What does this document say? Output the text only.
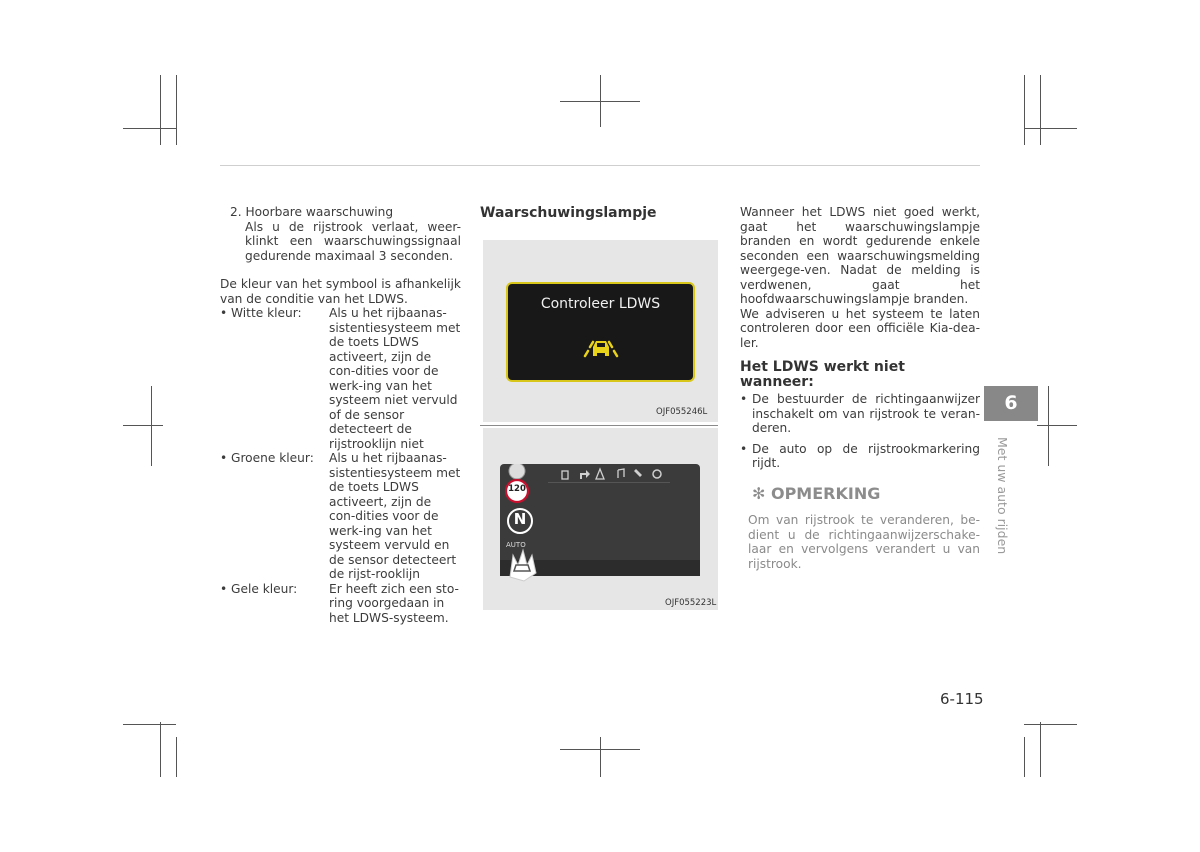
2. Hoorbare waarschuwing
Als u de rijstrook verlaat, weer-klinkt een waarschuwingssignaal gedurende maximaal 3 seconden.
De kleur van het symbool is afhankelijk van de conditie van het LDWS.
• Witte kleur:	Als u het rijbaanas-sistentiesysteem met de toets LDWS activeert, zijn de con-dities voor de werk-ing van het systeem niet vervuld of de sensor detecteert de rijstrooklijn niet
• Groene kleur:	Als u het rijbaanas-sistentiesysteem met de toets LDWS activeert, zijn de con-dities voor de werk-ing van het systeem vervuld en de sensor detecteert de rijst-rooklijn
• Gele kleur:	Er heeft zich een sto-ring voorgedaan in het LDWS-systeem.
Waarschuwingslampje
Controleer LDWS
OJF055246L
120
N
AUTO
OJF055223L
Wanneer het LDWS niet goed werkt, gaat het waarschuwingslampje branden en wordt gedurende enkele seconden een waarschuwingsmelding weergege-ven. Nadat de melding is verdwenen, gaat het hoofdwaarschuwingslampje branden.
We adviseren u het systeem te laten controleren door een officiële Kia-dea-ler.
Het LDWS werkt niet wanneer:
• De bestuurder de richtingaanwijzer inschakelt om van rijstrook te veran-deren.
• De auto op de rijstrookmarkering rijdt.
✻ OPMERKING
Om van rijstrook te veranderen, be-dient u de richtingaanwijzerschake-laar en vervolgens verandert u van rijstrook.
6
Met uw auto rijden
6-115
